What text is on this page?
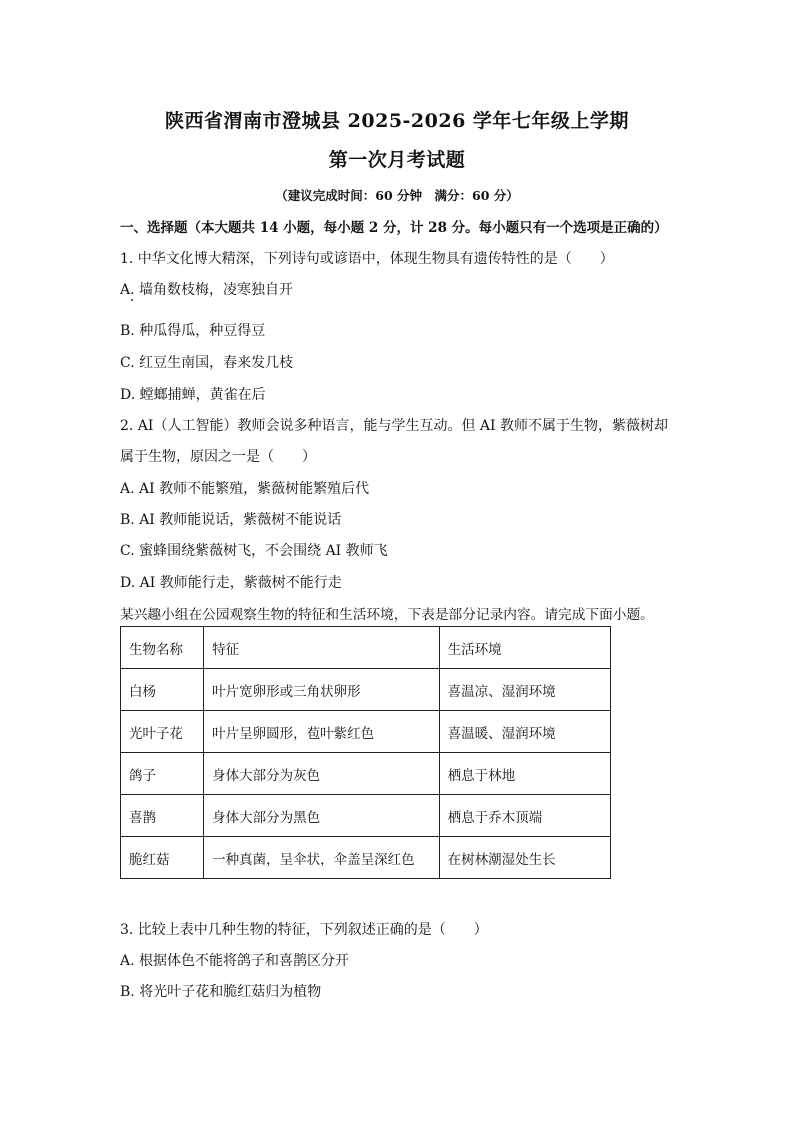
陕西省渭南市澄城县 2025-2026 学年七年级上学期
第一次月考试题
（建议完成时间：60 分钟　满分：60 分）
一、选择题（本大题共 14 小题，每小题 2 分，计 28 分。每小题只有一个选项是正确的）
1. 中华文化博大精深，下列诗句或谚语中，体现生物具有遗传特性的是（　　）
A. 墙角数枝梅，凌寒独自开
B. 种瓜得瓜，种豆得豆
C. 红豆生南国，春来发几枝
D. 螳螂捕蝉，黄雀在后
2. AI（人工智能）教师会说多种语言，能与学生互动。但 AI 教师不属于生物，紫薇树却
属于生物，原因之一是（　　）
A. AI 教师不能繁殖，紫薇树能繁殖后代
B. AI 教师能说话，紫薇树不能说话
C. 蜜蜂围绕紫薇树飞，不会围绕 AI 教师飞
D. AI 教师能行走，紫薇树不能行走
某兴趣小组在公园观察生物的特征和生活环境，下表是部分记录内容。请完成下面小题。
生物名称	特征	生活环境
白杨	叶片宽卵形或三角状卵形	喜温凉、湿润环境
光叶子花	叶片呈卵圆形，苞叶紫红色	喜温暖、湿润环境
鸽子	身体大部分为灰色	栖息于林地
喜鹊	身体大部分为黑色	栖息于乔木顶端
脆红菇	一种真菌，呈伞状，伞盖呈深红色	在树林潮湿处生长
3. 比较上表中几种生物的特征，下列叙述正确的是（　　）
A. 根据体色不能将鸽子和喜鹊区分开
B. 将光叶子花和脆红菇归为植物
